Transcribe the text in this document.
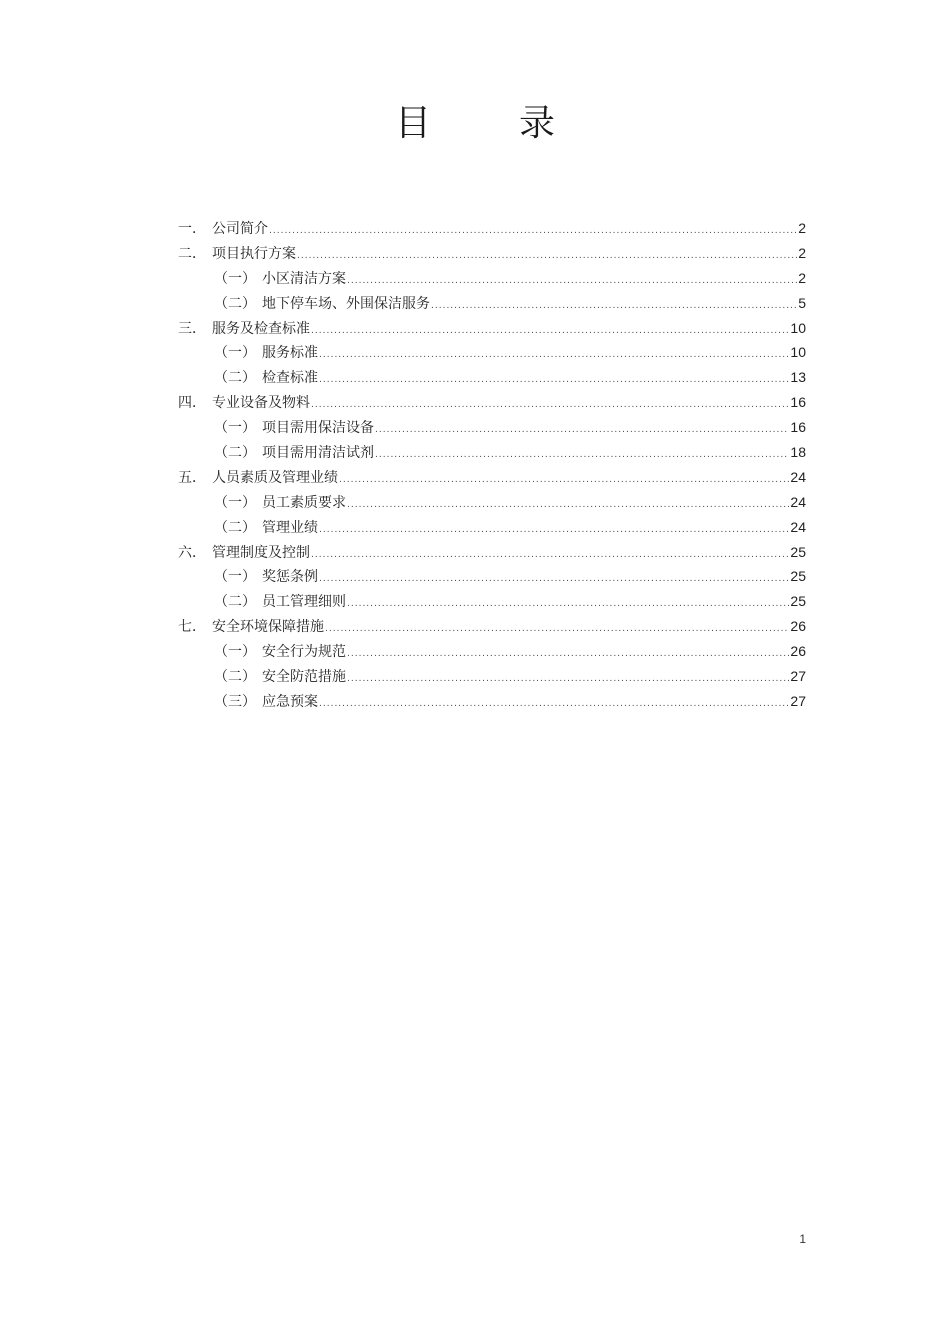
目　录
一． 公司简介 .....	2
二． 项目执行方案 .....	2
（一） 小区清洁方案 .....	2
（二） 地下停车场、外围保洁服务 .....	5
三． 服务及检查标准 .....	10
（一） 服务标准 .....	10
（二） 检查标准 .....	13
四． 专业设备及物料 .....	16
（一） 项目需用保洁设备 .....	16
（二） 项目需用清洁试剂 .....	18
五． 人员素质及管理业绩 .....	24
（一） 员工素质要求 .....	24
（二） 管理业绩 .....	24
六． 管理制度及控制 .....	25
（一） 奖惩条例 .....	25
（二） 员工管理细则 .....	25
七． 安全环境保障措施 .....	26
（一） 安全行为规范 .....	26
（二） 安全防范措施 .....	27
（三） 应急预案 .....	27
1
